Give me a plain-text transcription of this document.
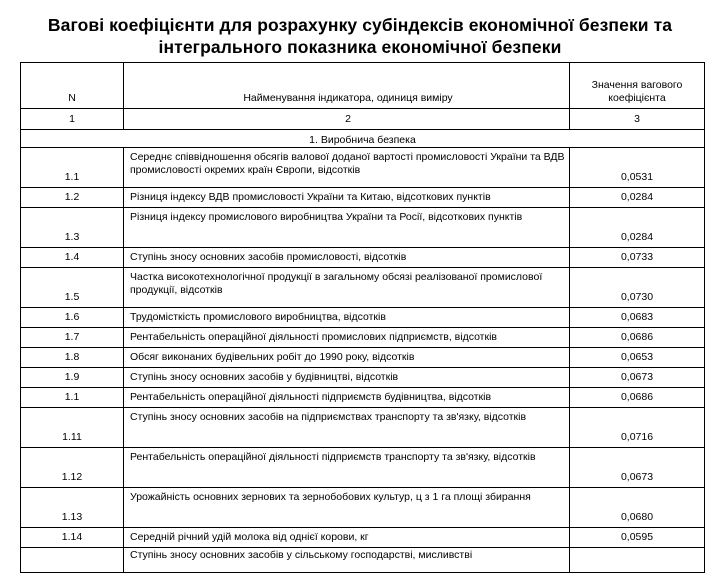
Вагові коефіцієнти для розрахунку субіндексів економічної безпеки та
інтегрального показника економічної безпеки
N	Найменування індикатора, одиниця виміру	Значення вагового коефіцієнта
1	2	3
1. Виробнича безпека		
1.1	Середнє співвідношення обсягів валової доданої вартості промисловості України та ВДВ промисловості окремих країн Європи, відсотків	0,0531
1.2	Різниця індексу ВДВ промисловості України та Китаю, відсоткових пунктів	0,0284
1.3	Різниця індексу промислового виробництва України та Росії, відсоткових пунктів	0,0284
1.4	Ступінь зносу основних засобів промисловості, відсотків	0,0733
1.5	Частка високотехнологічної продукції в загальному обсязі реалізованої промислової продукції, відсотків	0,0730
1.6	Трудомісткість промислового виробництва, відсотків	0,0683
1.7	Рентабельність операційної діяльності промислових підприємств, відсотків	0,0686
1.8	Обсяг виконаних будівельних робіт до 1990 року, відсотків	0,0653
1.9	Ступінь зносу основних засобів у будівництві, відсотків	0,0673
1.1	Рентабельність операційної діяльності підприємств будівництва, відсотків	0,0686
1.11	Ступінь зносу основних засобів на підприємствах транспорту та зв'язку, відсотків	0,0716
1.12	Рентабельність операційної діяльності підприємств транспорту та зв'язку, відсотків	0,0673
1.13	Урожайність основних зернових та зернобобових культур, ц з 1 га площі збирання	0,0680
1.14	Середній річний удій молока від однієї корови, кг	0,0595
	Ступінь зносу основних засобів у сільському господарстві, мисливстві	
